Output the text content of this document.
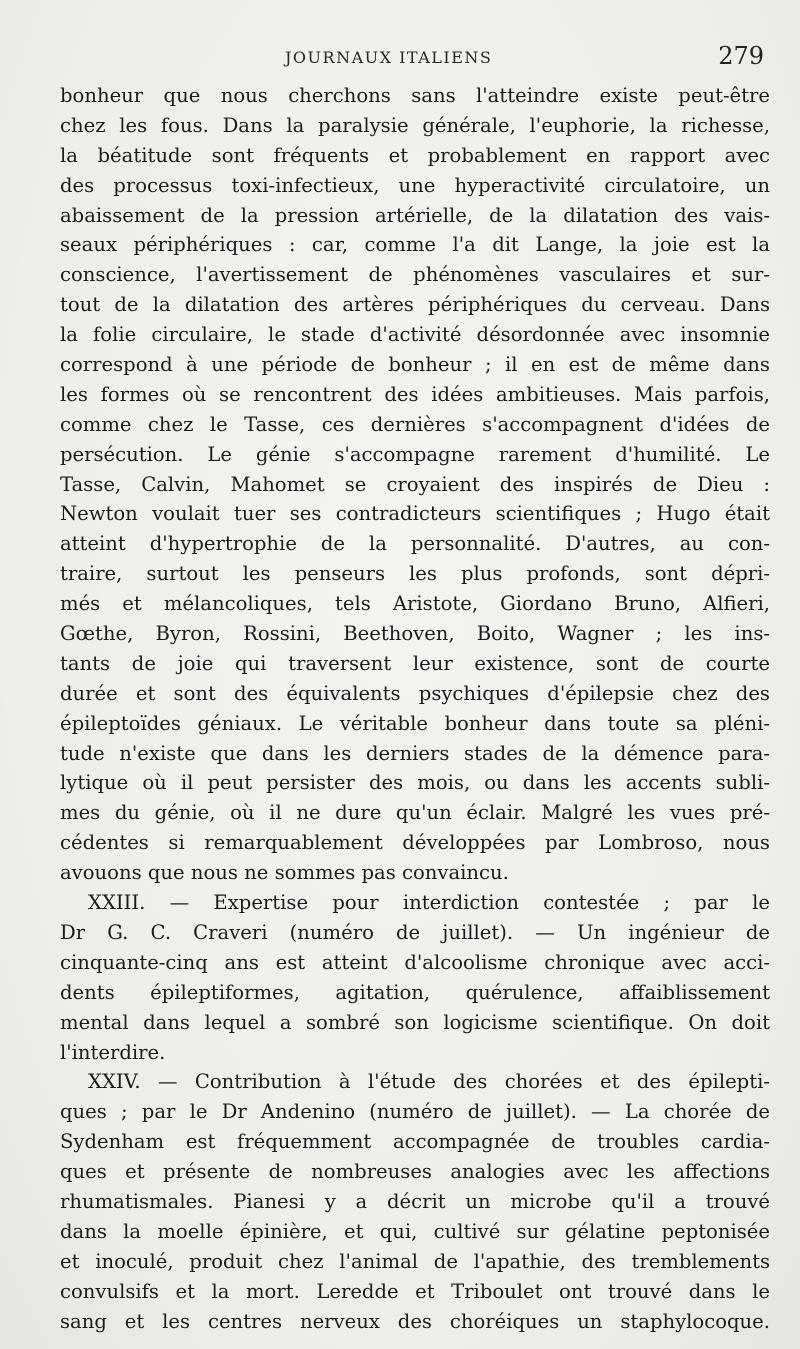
JOURNAUX ITALIENS	279
bonheur que nous cherchons sans l'atteindre existe peut-être
chez les fous. Dans la paralysie générale, l'euphorie, la richesse,
la béatitude sont fréquents et probablement en rapport avec
des processus toxi-infectieux, une hyperactivité circulatoire, un
abaissement de la pression artérielle, de la dilatation des vais-
seaux périphériques : car, comme l'a dit Lange, la joie est la
conscience, l'avertissement de phénomènes vasculaires et sur-
tout de la dilatation des artères périphériques du cerveau. Dans
la folie circulaire, le stade d'activité désordonnée avec insomnie
correspond à une période de bonheur ; il en est de même dans
les formes où se rencontrent des idées ambitieuses. Mais parfois,
comme chez le Tasse, ces dernières s'accompagnent d'idées de
persécution. Le génie s'accompagne rarement d'humilité. Le
Tasse, Calvin, Mahomet se croyaient des inspirés de Dieu :
Newton voulait tuer ses contradicteurs scientifiques ; Hugo était
atteint d'hypertrophie de la personnalité. D'autres, au con-
traire, surtout les penseurs les plus profonds, sont dépri-
més et mélancoliques, tels Aristote, Giordano Bruno, Alfieri,
Gœthe, Byron, Rossini, Beethoven, Boito, Wagner ; les ins-
tants de joie qui traversent leur existence, sont de courte
durée et sont des équivalents psychiques d'épilepsie chez des
épileptoïdes géniaux. Le véritable bonheur dans toute sa pléni-
tude n'existe que dans les derniers stades de la démence para-
lytique où il peut persister des mois, ou dans les accents subli-
mes du génie, où il ne dure qu'un éclair. Malgré les vues pré-
cédentes si remarquablement développées par Lombroso, nous
avouons que nous ne sommes pas convaincu.
XXIII. — Expertise pour interdiction contestée ; par le
Dr G. C. Craveri (numéro de juillet). — Un ingénieur de
cinquante-cinq ans est atteint d'alcoolisme chronique avec acci-
dents épileptiformes, agitation, quérulence, affaiblissement
mental dans lequel a sombré son logicisme scientifique. On doit
l'interdire.
XXIV. — Contribution à l'étude des chorées et des épilepti-
ques ; par le Dr Andenino (numéro de juillet). — La chorée de
Sydenham est fréquemment accompagnée de troubles cardia-
ques et présente de nombreuses analogies avec les affections
rhumatismales. Pianesi y a décrit un microbe qu'il a trouvé
dans la moelle épinière, et qui, cultivé sur gélatine peptonisée
et inoculé, produit chez l'animal de l'apathie, des tremblements
convulsifs et la mort. Leredde et Triboulet ont trouvé dans le
sang et les centres nerveux des choréiques un staphylocoque.
